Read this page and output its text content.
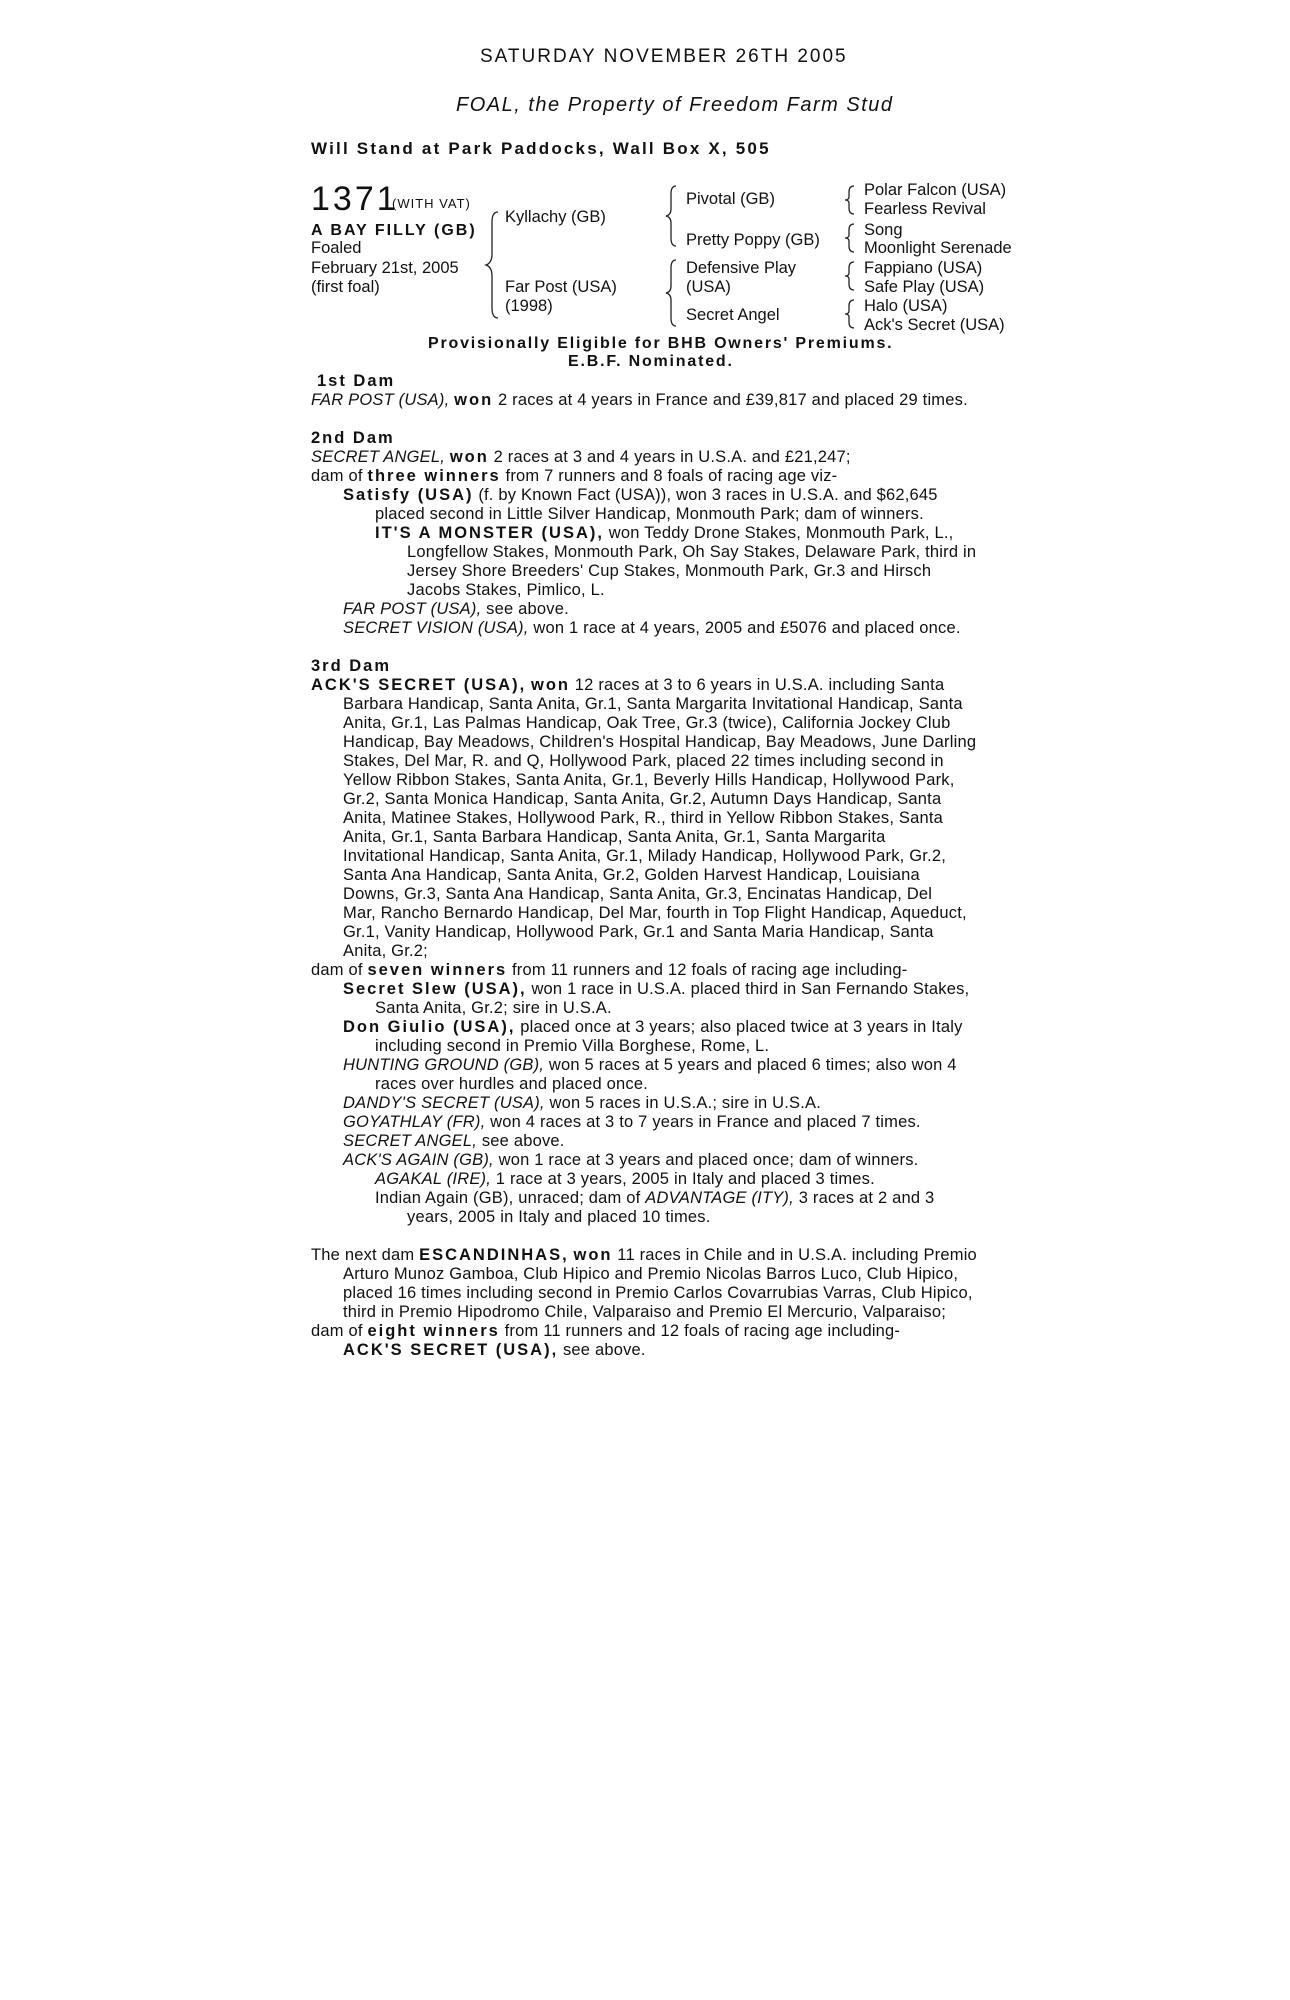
SATURDAY NOVEMBER 26TH 2005
FOAL, the Property of Freedom Farm Stud
Will Stand at Park Paddocks, Wall Box X, 505
1371
(WITH VAT)
A BAY FILLY (GB)
Foaled
February 21st, 2005
(first foal)
Kyllachy (GB)
Far Post (USA)
(1998)
Pivotal (GB)
Pretty Poppy (GB)
Defensive Play
(USA)
Secret Angel
Polar Falcon (USA)
Fearless Revival
Song
Moonlight Serenade
Fappiano (USA)
Safe Play (USA)
Halo (USA)
Ack's Secret (USA)
Provisionally Eligible for BHB Owners' Premiums.
E.B.F. Nominated.
1st Dam
FAR POST (USA), won 2 races at 4 years in France and £39,817 and placed 29 times.
2nd Dam
SECRET ANGEL, won 2 races at 3 and 4 years in U.S.A. and £21,247;
dam of three winners from 7 runners and 8 foals of racing age viz-
Satisfy (USA) (f. by Known Fact (USA)), won 3 races in U.S.A. and $62,645
placed second in Little Silver Handicap, Monmouth Park; dam of winners.
IT'S A MONSTER (USA), won Teddy Drone Stakes, Monmouth Park, L.,
Longfellow Stakes, Monmouth Park, Oh Say Stakes, Delaware Park, third in
Jersey Shore Breeders' Cup Stakes, Monmouth Park, Gr.3 and Hirsch
Jacobs Stakes, Pimlico, L.
FAR POST (USA), see above.
SECRET VISION (USA), won 1 race at 4 years, 2005 and £5076 and placed once.
3rd Dam
ACK'S SECRET (USA), won 12 races at 3 to 6 years in U.S.A. including Santa
Barbara Handicap, Santa Anita, Gr.1, Santa Margarita Invitational Handicap, Santa
Anita, Gr.1, Las Palmas Handicap, Oak Tree, Gr.3 (twice), California Jockey Club
Handicap, Bay Meadows, Children's Hospital Handicap, Bay Meadows, June Darling
Stakes, Del Mar, R. and Q, Hollywood Park, placed 22 times including second in
Yellow Ribbon Stakes, Santa Anita, Gr.1, Beverly Hills Handicap, Hollywood Park,
Gr.2, Santa Monica Handicap, Santa Anita, Gr.2, Autumn Days Handicap, Santa
Anita, Matinee Stakes, Hollywood Park, R., third in Yellow Ribbon Stakes, Santa
Anita, Gr.1, Santa Barbara Handicap, Santa Anita, Gr.1, Santa Margarita
Invitational Handicap, Santa Anita, Gr.1, Milady Handicap, Hollywood Park, Gr.2,
Santa Ana Handicap, Santa Anita, Gr.2, Golden Harvest Handicap, Louisiana
Downs, Gr.3, Santa Ana Handicap, Santa Anita, Gr.3, Encinatas Handicap, Del
Mar, Rancho Bernardo Handicap, Del Mar, fourth in Top Flight Handicap, Aqueduct,
Gr.1, Vanity Handicap, Hollywood Park, Gr.1 and Santa Maria Handicap, Santa
Anita, Gr.2;
dam of seven winners from 11 runners and 12 foals of racing age including-
Secret Slew (USA), won 1 race in U.S.A. placed third in San Fernando Stakes,
Santa Anita, Gr.2; sire in U.S.A.
Don Giulio (USA), placed once at 3 years; also placed twice at 3 years in Italy
including second in Premio Villa Borghese, Rome, L.
HUNTING GROUND (GB), won 5 races at 5 years and placed 6 times; also won 4
races over hurdles and placed once.
DANDY'S SECRET (USA), won 5 races in U.S.A.; sire in U.S.A.
GOYATHLAY (FR), won 4 races at 3 to 7 years in France and placed 7 times.
SECRET ANGEL, see above.
ACK'S AGAIN (GB), won 1 race at 3 years and placed once; dam of winners.
AGAKAL (IRE), 1 race at 3 years, 2005 in Italy and placed 3 times.
Indian Again (GB), unraced; dam of ADVANTAGE (ITY), 3 races at 2 and 3
years, 2005 in Italy and placed 10 times.
The next dam ESCANDINHAS, won 11 races in Chile and in U.S.A. including Premio
Arturo Munoz Gamboa, Club Hipico and Premio Nicolas Barros Luco, Club Hipico,
placed 16 times including second in Premio Carlos Covarrubias Varras, Club Hipico,
third in Premio Hipodromo Chile, Valparaiso and Premio El Mercurio, Valparaiso;
dam of eight winners from 11 runners and 12 foals of racing age including-
ACK'S SECRET (USA), see above.
